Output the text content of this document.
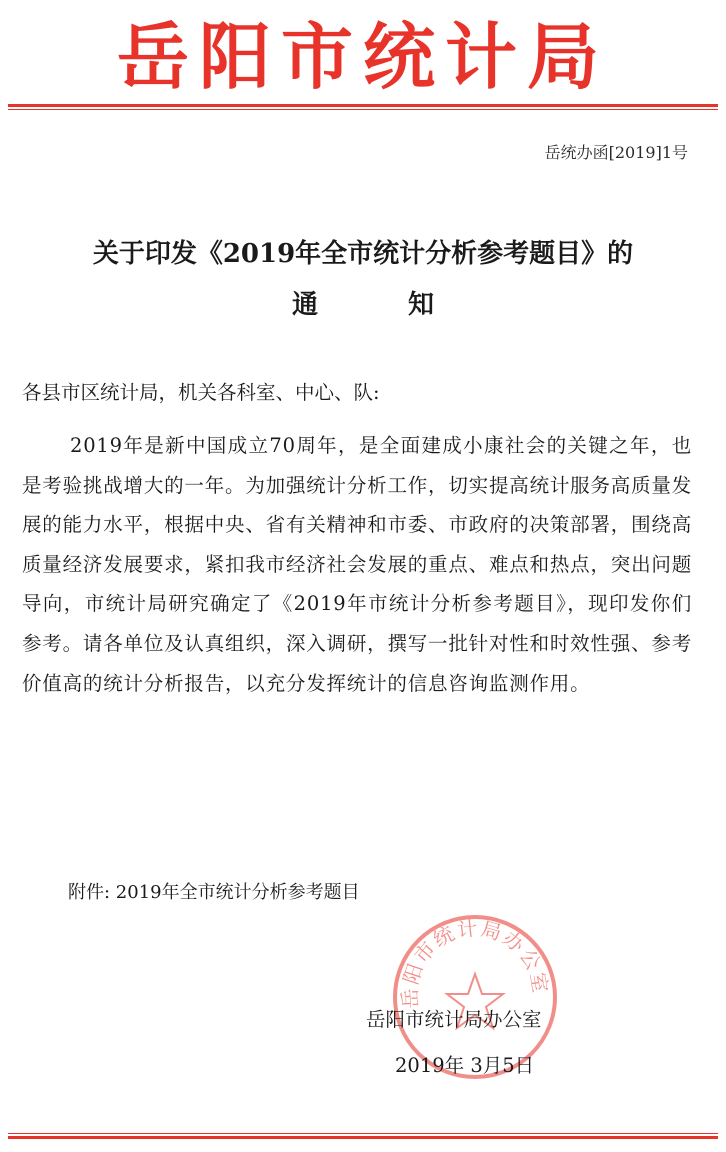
岳阳市统计局
岳统办函[2019]1号
关于印发《2019年全市统计分析参考题目》的
通	知
各县市区统计局，机关各科室、中心、队:

2019年是新中国成立70周年，是全面建成小康社会的关键之年，也是考验挑战增大的一年。为加强统计分析工作，切实提高统计服务高质量发展的能力水平，根据中央、省有关精神和市委、市政府的决策部署，围绕高质量经济发展要求，紧扣我市经济社会发展的重点、难点和热点，突出问题导向，市统计局研究确定了《2019年市统计分析参考题目》，现印发你们参考。请各单位及认真组织，深入调研，撰写一批针对性和时效性强、参考价值高的统计分析报告，以充分发挥统计的信息咨询监测作用。

附件: 2019年全市统计分析参考题目
岳阳市统计局办公室
岳阳市统计局办公室
2019年 3月5日
